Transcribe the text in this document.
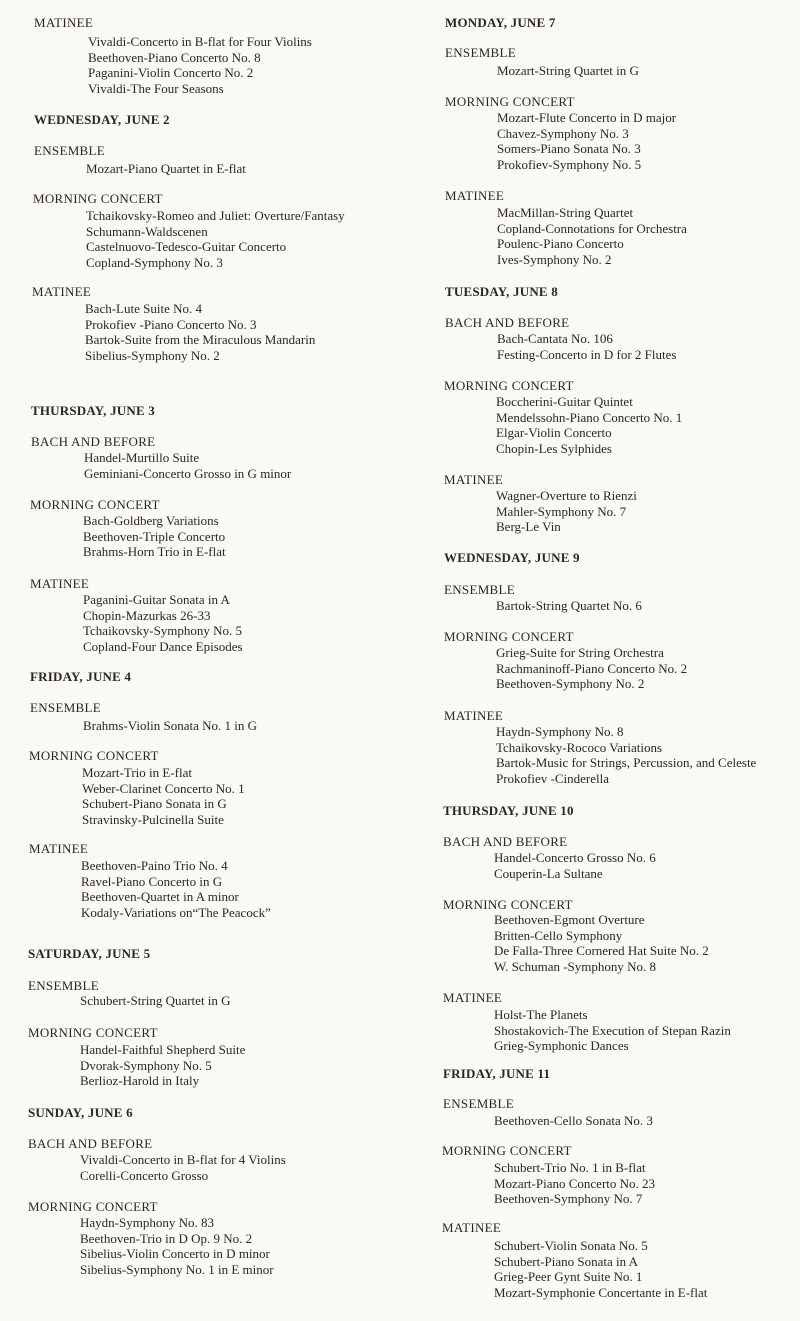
MATINEE
Vivaldi-Concerto in B-flat for Four Violins
Beethoven-Piano Concerto No. 8
Paganini-Violin Concerto No. 2
Vivaldi-The Four Seasons
WEDNESDAY, JUNE 2
ENSEMBLE
Mozart-Piano Quartet in E-flat
MORNING CONCERT
Tchaikovsky-Romeo and Juliet: Overture/Fantasy
Schumann-Waldscenen
Castelnuovo-Tedesco-Guitar Concerto
Copland-Symphony No. 3
MATINEE
Bach-Lute Suite No. 4
Prokofiev -Piano Concerto No. 3
Bartok-Suite from the Miraculous Mandarin
Sibelius-Symphony No. 2
THURSDAY, JUNE 3
BACH AND BEFORE
Handel-Murtillo Suite
Geminiani-Concerto Grosso in G minor
MORNING CONCERT
Bach-Goldberg Variations
Beethoven-Triple Concerto
Brahms-Horn Trio in E-flat
MATINEE
Paganini-Guitar Sonata in A
Chopin-Mazurkas 26-33
Tchaikovsky-Symphony No. 5
Copland-Four Dance Episodes
FRIDAY, JUNE 4
ENSEMBLE
Brahms-Violin Sonata No. 1 in G
MORNING CONCERT
Mozart-Trio in E-flat
Weber-Clarinet Concerto No. 1
Schubert-Piano Sonata in G
Stravinsky-Pulcinella Suite
MATINEE
Beethoven-Paino Trio No. 4
Ravel-Piano Concerto in G
Beethoven-Quartet in A minor
Kodaly-Variations on“The Peacock”
SATURDAY, JUNE 5
ENSEMBLE
Schubert-String Quartet in G
MORNING CONCERT
Handel-Faithful Shepherd Suite
Dvorak-Symphony No. 5
Berlioz-Harold in Italy
SUNDAY, JUNE 6
BACH AND BEFORE
Vivaldi-Concerto in B-flat for 4 Violins
Corelli-Concerto Grosso
MORNING CONCERT
Haydn-Symphony No. 83
Beethoven-Trio in D Op. 9 No. 2
Sibelius-Violin Concerto in D minor
Sibelius-Symphony No. 1 in E minor
MONDAY, JUNE 7
ENSEMBLE
Mozart-String Quartet in G
MORNING CONCERT
Mozart-Flute Concerto in D major
Chavez-Symphony No. 3
Somers-Piano Sonata No. 3
Prokofiev-Symphony No. 5
MATINEE
MacMillan-String Quartet
Copland-Connotations for Orchestra
Poulenc-Piano Concerto
Ives-Symphony No. 2
TUESDAY, JUNE 8
BACH AND BEFORE
Bach-Cantata No. 106
Festing-Concerto in D for 2 Flutes
MORNING CONCERT
Boccherini-Guitar Quintet
Mendelssohn-Piano Concerto No. 1
Elgar-Violin Concerto
Chopin-Les Sylphides
MATINEE
Wagner-Overture to Rienzi
Mahler-Symphony No. 7
Berg-Le Vin
WEDNESDAY, JUNE 9
ENSEMBLE
Bartok-String Quartet No. 6
MORNING CONCERT
Grieg-Suite for String Orchestra
Rachmaninoff-Piano Concerto No. 2
Beethoven-Symphony No. 2
MATINEE
Haydn-Symphony No. 8
Tchaikovsky-Rococo Variations
Bartok-Music for Strings, Percussion, and Celeste
Prokofiev -Cinderella
THURSDAY, JUNE 10
BACH AND BEFORE
Handel-Concerto Grosso No. 6
Couperin-La Sultane
MORNING CONCERT
Beethoven-Egmont Overture
Britten-Cello Symphony
De Falla-Three Cornered Hat Suite No. 2
W. Schuman -Symphony No. 8
MATINEE
Holst-The Planets
Shostakovich-The Execution of Stepan Razin
Grieg-Symphonic Dances
FRIDAY, JUNE 11
ENSEMBLE
Beethoven-Cello Sonata No. 3
MORNING CONCERT
Schubert-Trio No. 1 in B-flat
Mozart-Piano Concerto No. 23
Beethoven-Symphony No. 7
MATINEE
Schubert-Violin Sonata No. 5
Schubert-Piano Sonata in A
Grieg-Peer Gynt Suite No. 1
Mozart-Symphonie Concertante in E-flat
